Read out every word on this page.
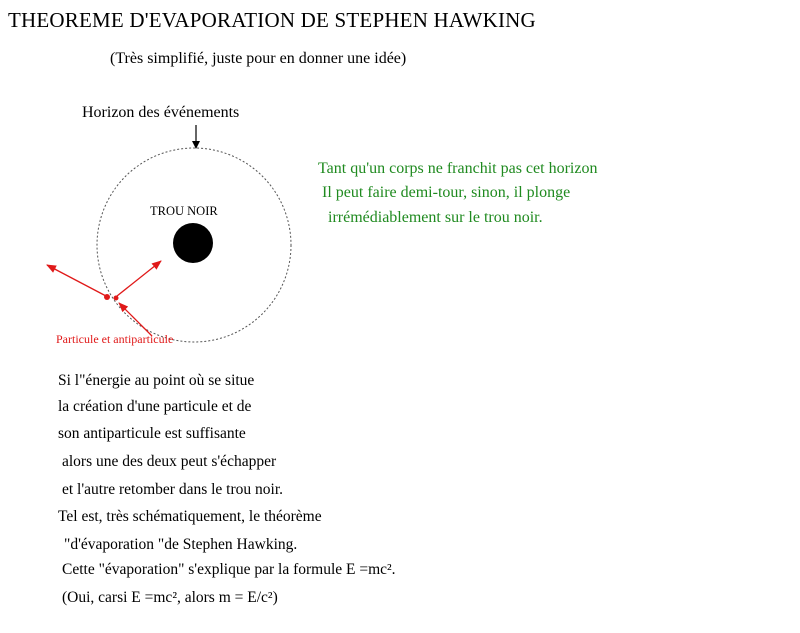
THEOREME D'EVAPORATION DE STEPHEN HAWKING
(Très simplifié, juste pour en donner une idée)
Horizon des événements
TROU NOIR
Particule et antiparticule
Tant qu'un corps ne franchit pas cet horizon
Il peut faire demi-tour, sinon, il plonge
irrémédiablement sur le trou noir.
Si l"énergie au point où se situe
la création d'une particule et de
son antiparticule est suffisante
alors une des deux peut s'échapper
et l'autre retomber dans le trou noir.
Tel est, très schématiquement, le théorème
"d'évaporation "de Stephen Hawking.
Cette "évaporation" s'explique par la formule E =mc².
(Oui, carsi E =mc², alors m = E/c²)
